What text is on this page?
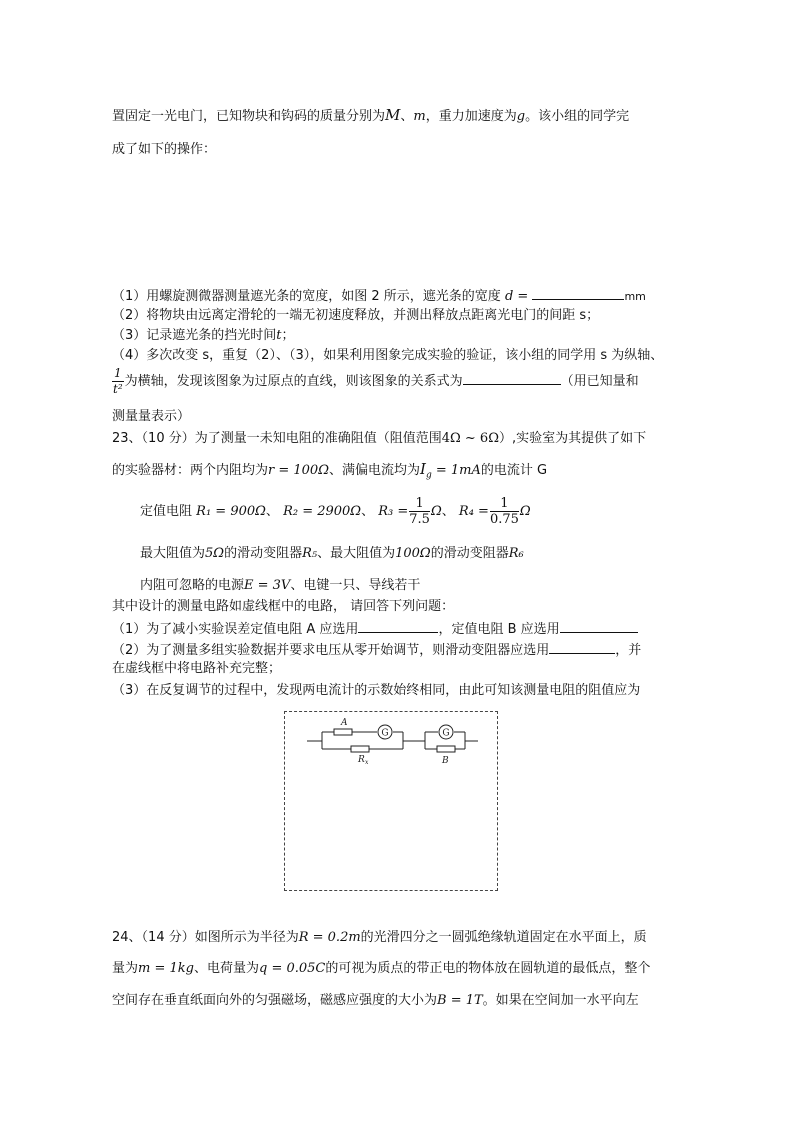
置固定一光电门，已知物块和钩码的质量分别为M、m，重力加速度为g。该小组的同学完
成了如下的操作：
（1）用螺旋测微器测量遮光条的宽度，如图 2 所示，遮光条的宽度 d =	mm
（2）将物块由远离定滑轮的一端无初速度释放，并测出释放点距离光电门的间距 s；
（3）记录遮光条的挡光时间t；
（4）多次改变 s，重复（2）、（3），如果利用图象完成实验的验证，该小组的同学用 s 为纵轴、
$\frac{1}{\text{t²}}$ 为横轴，发现该图象为过原点的直线，则该图象的关系式为	（用已知量和
测量量表示）
23、（10 分）为了测量一未知电阻的准确阻值（阻值范围4Ω ~ 6Ω）,实验室为其提供了如下
的实验器材：两个内阻均为r = 100Ω、满偏电流均为$I_g = 1mA$的电流计 G
定值电阻 R₁ = 900Ω、 R₂ = 2900Ω、 $R_3 = \frac{1}{7.5}$ Ω、 $R_4 = \frac{1}{0.75}$ Ω
最大阻值为5Ω的滑动变阻器R₅、最大阻值为100Ω的滑动变阻器R₆
内阻可忽略的电源E = 3V、电键一只、导线若干
其中设计的测量电路如虚线框中的电路， 请回答下列问题：
（1）为了减小实验误差定值电阻 A 应选用	，定值电阻 B 应选用
（2）为了测量多组实验数据并要求电压从零开始调节，则滑动变阻器应选用	，并
在虚线框中将电路补充完整；
（3）在反复调节的过程中，发现两电流计的示数始终相同，由此可知该测量电阻的阻值应为
G	G
A
R x	B
24、（14 分）如图所示为半径为R = 0.2m的光滑四分之一圆弧绝缘轨道固定在水平面上，质
量为m = 1kg、电荷量为q = 0.05C的可视为质点的带正电的物体放在圆轨道的最低点，整个
空间存在垂直纸面向外的匀强磁场，磁感应强度的大小为B = 1T。如果在空间加一水平向左
